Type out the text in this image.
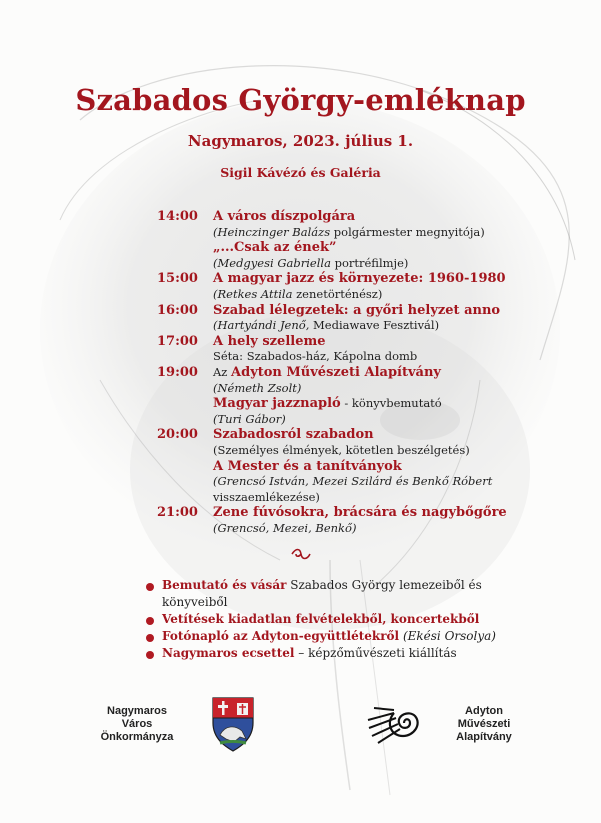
Szabados György-emléknap
Nagymaros, 2023. július 1.
Sigil Kávézó és Galéria
Nagymaros
Város
Önkormányza
Adyton
Művészeti
Alapítvány
14:00	A város díszpolgára
(Heinczinger Balázs polgármester megnyitója)
„...Csak az ének”
(Medgyesi Gabriella portréfilmje)
15:00	A magyar jazz és környezete: 1960-1980
(Retkes Attila zenetörténész)
16:00	Szabad lélegzetek: a győri helyzet anno
(Hartyándi Jenő, Mediawave Fesztivál)
17:00	A hely szelleme
Séta: Szabados-ház, Kápolna domb
19:00	Az Adyton Művészeti Alapítvány
(Németh Zsolt)
Magyar jazznapló - könyvbemutató
(Turi Gábor)
20:00	Szabadosról szabadon
(Személyes élmények, kötetlen beszélgetés)
A Mester és a tanítványok
(Grencsó István, Mezei Szilárd és Benkő Róbert
visszaemlékezése)
21:00	Zene fúvósokra, brácsára és nagybőgőre
(Grencsó, Mezei, Benkő)
Bemutató és vásár Szabados György lemezeiből és
könyveiből
Vetítések kiadatlan felvételekből, koncertekből
Fotónapló az Adyton-együttlétekről (Ekési Orsolya)
Nagymaros ecsettel – képzőművészeti kiállítás
